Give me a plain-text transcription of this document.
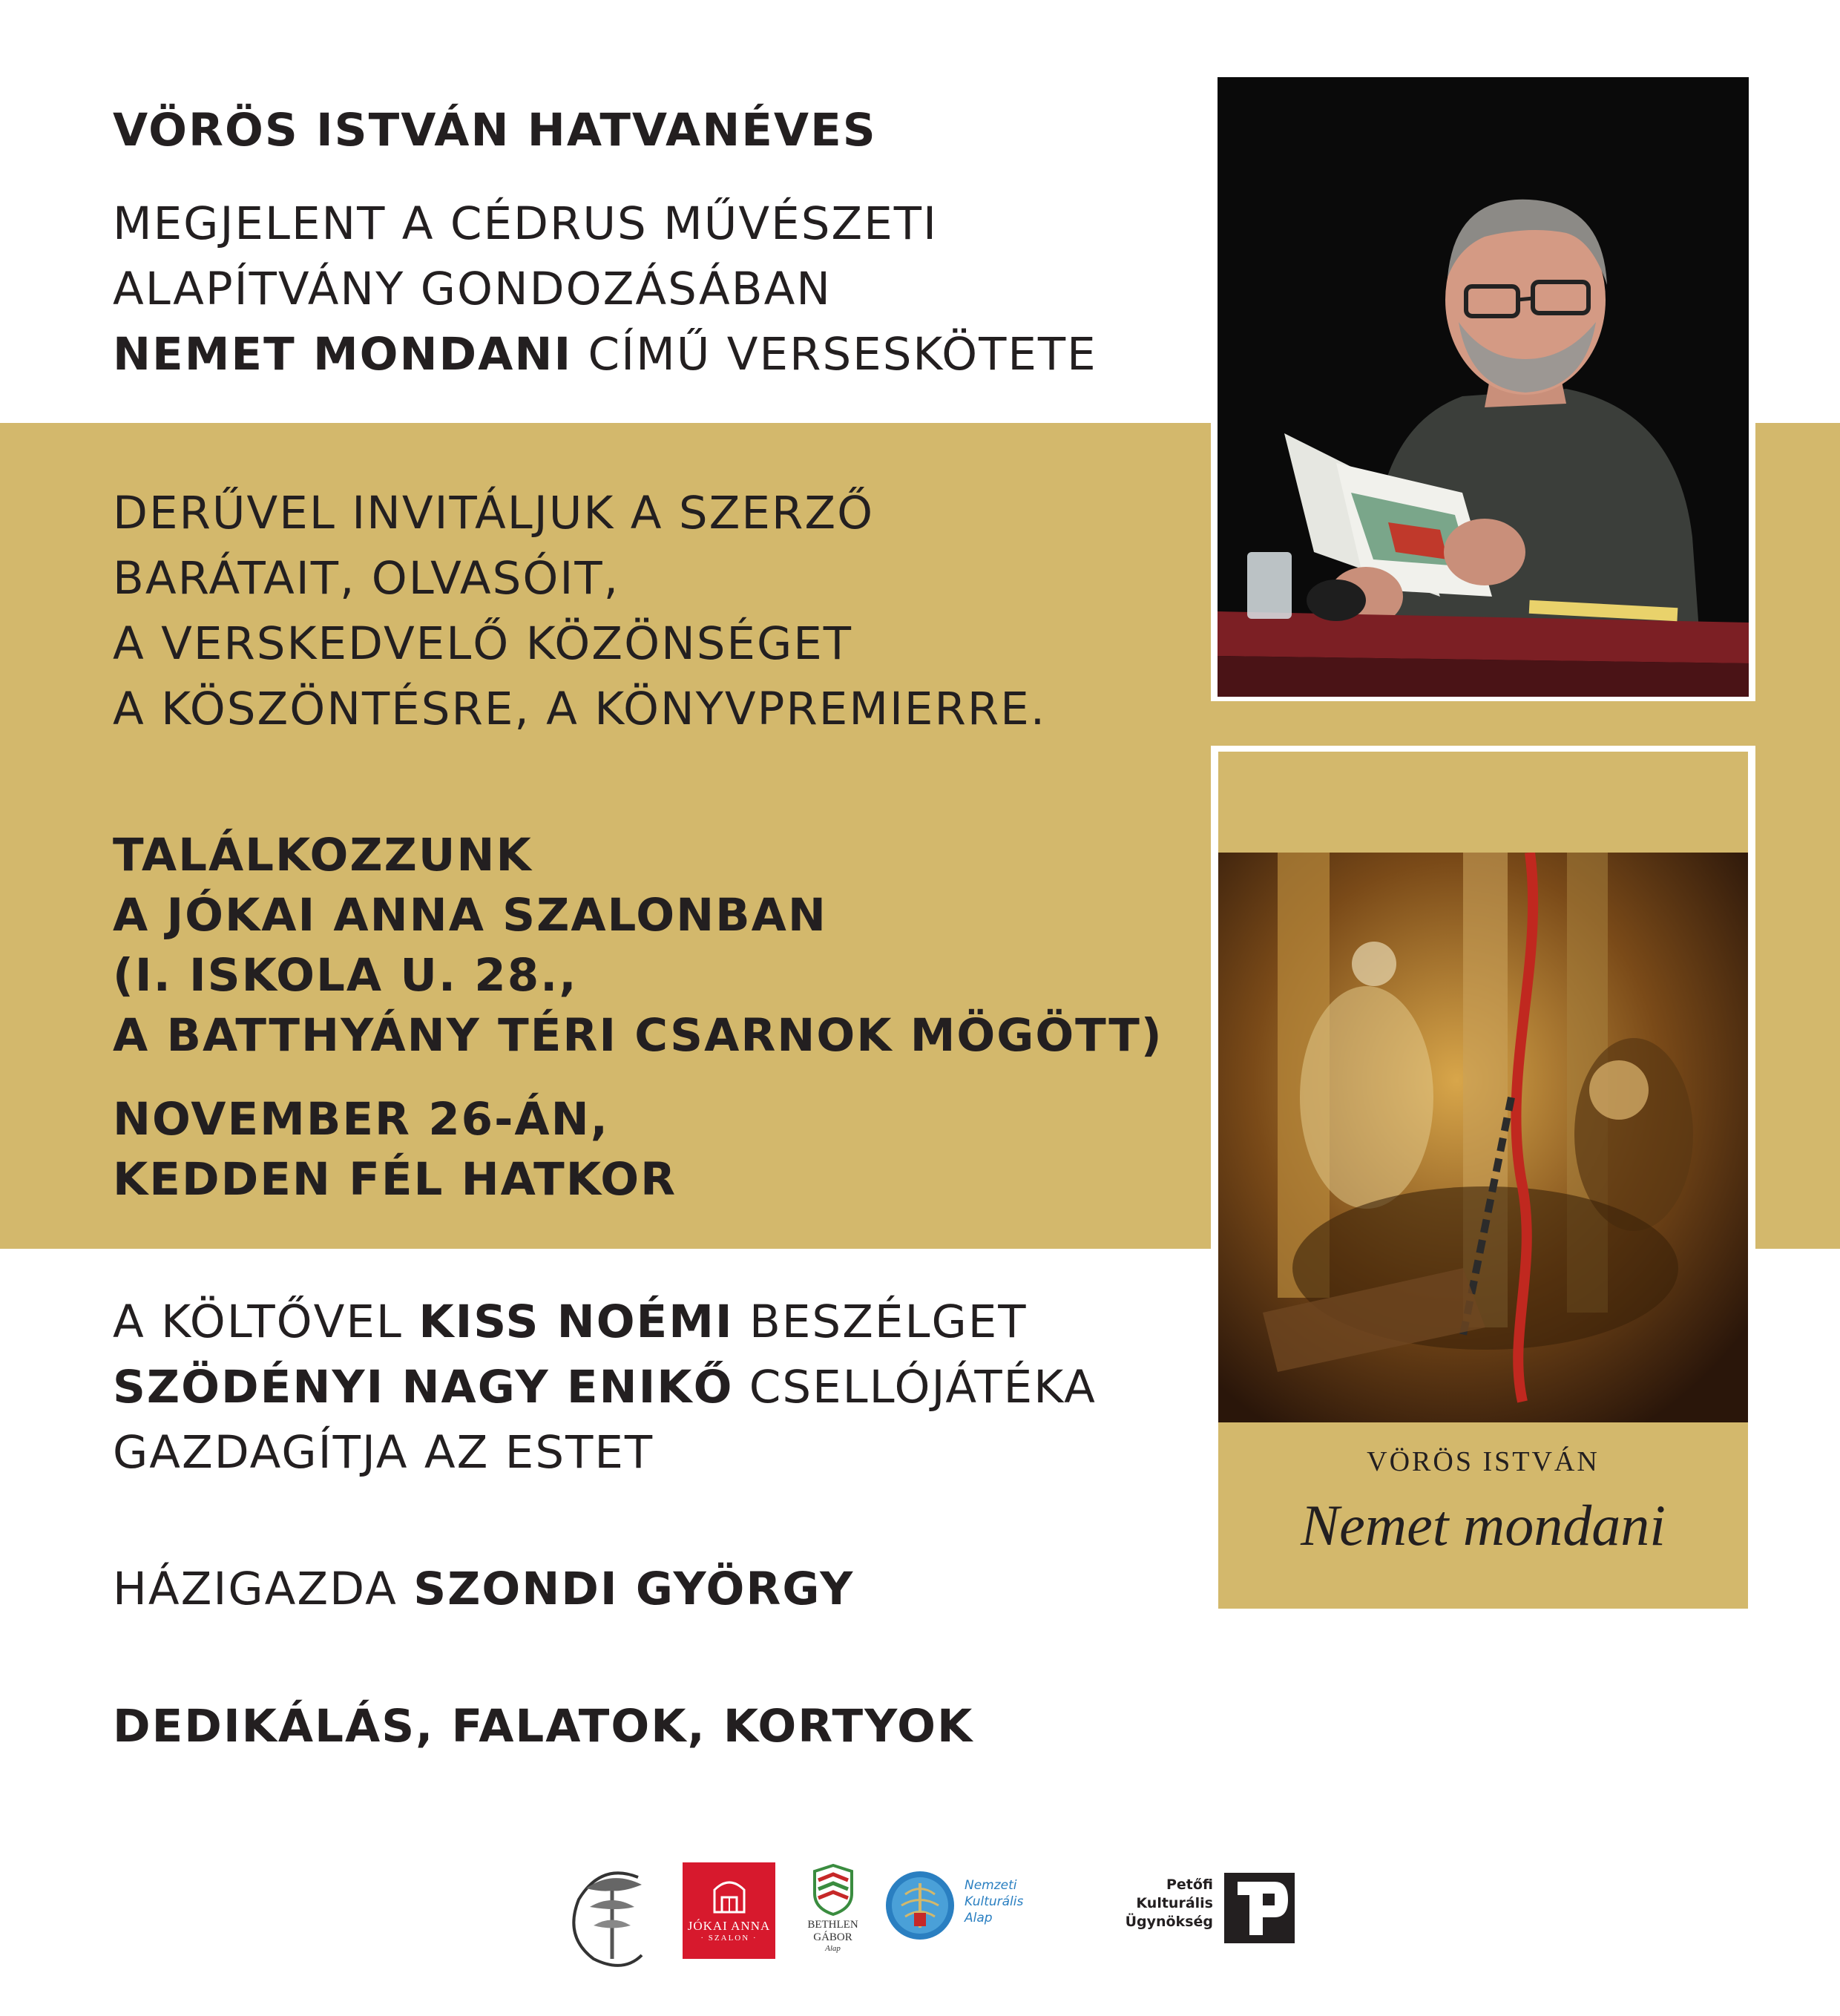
VÖRÖS ISTVÁN HATVANÉVES
MEGJELENT A CÉDRUS MŰVÉSZETI
ALAPÍTVÁNY GONDOZÁSÁBAN
NEMET MONDANI CÍMŰ VERSESKÖTETE
DERŰVEL INVITÁLJUK A SZERZŐ
BARÁTAIT, OLVASÓIT,
A VERSKEDVELŐ KÖZÖNSÉGET
A KÖSZÖNTÉSRE, A KÖNYVPREMIERRE.
TALÁLKOZZUNK
A JÓKAI ANNA SZALONBAN
(I. ISKOLA U. 28.,
A BATTHYÁNY TÉRI CSARNOK MÖGÖTT)
NOVEMBER 26-ÁN,
KEDDEN FÉL HATKOR
A KÖLTŐVEL KISS NOÉMI BESZÉLGET
SZÖDÉNYI NAGY ENIKŐ CSELLÓJÁTÉKA
GAZDAGÍTJA AZ ESTET
HÁZIGAZDA SZONDI GYÖRGY
DEDIKÁLÁS, FALATOK, KORTYOK
VÖRÖS ISTVÁN
Nemet mondani
JÓKAI ANNA
· SZALON ·
BETHLEN GÁBOR
Alap
Nemzeti
Kulturális
Alap
Petőfi
Kulturális
Ügynökség
